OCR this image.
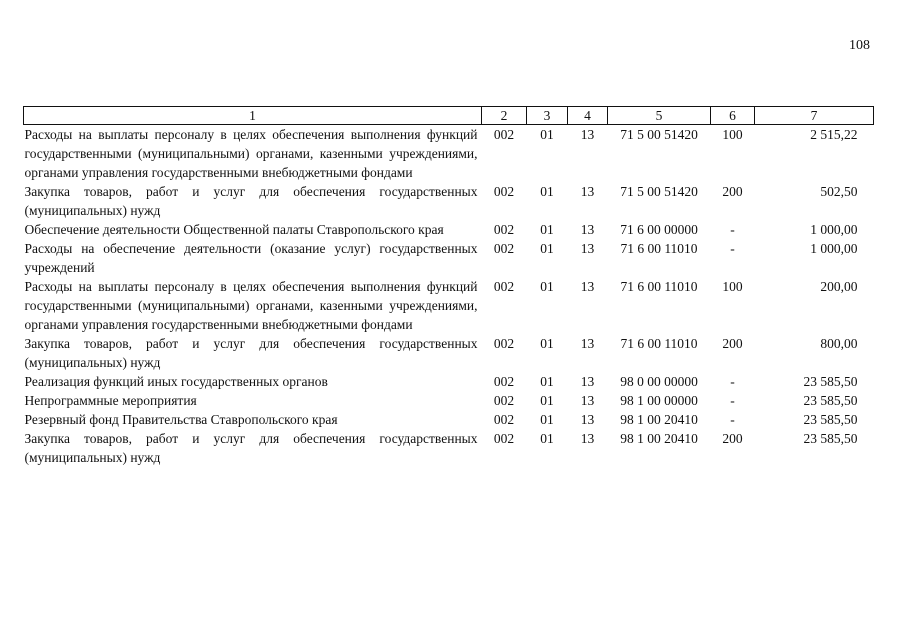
108
1	2	3	4	5	6	7
Расходы на выплаты персоналу в целях обеспечения выполнения функций государственными (муниципальными) органами, казенными учреждениями, органами управления государственными внебюджетными фондами	002	01	13	71 5 00 51420	100	2 515,22
Закупка товаров, работ и услуг для обеспечения государственных (муниципальных) нужд	002	01	13	71 5 00 51420	200	502,50
Обеспечение деятельности Общественной палаты Ставропольского края	002	01	13	71 6 00 00000	-	1 000,00
Расходы на обеспечение деятельности (оказание услуг) государственных учреждений	002	01	13	71 6 00 11010	-	1 000,00
Расходы на выплаты персоналу в целях обеспечения выполнения функций государственными (муниципальными) органами, казенными учреждениями, органами управления государственными внебюджетными фондами	002	01	13	71 6 00 11010	100	200,00
Закупка товаров, работ и услуг для обеспечения государственных (муниципальных) нужд	002	01	13	71 6 00 11010	200	800,00
Реализация функций иных государственных органов	002	01	13	98 0 00 00000	-	23 585,50
Непрограммные мероприятия	002	01	13	98 1 00 00000	-	23 585,50
Резервный фонд Правительства Ставропольского края	002	01	13	98 1 00 20410	-	23 585,50
Закупка товаров, работ и услуг для обеспечения государственных (муниципальных) нужд	002	01	13	98 1 00 20410	200	23 585,50
